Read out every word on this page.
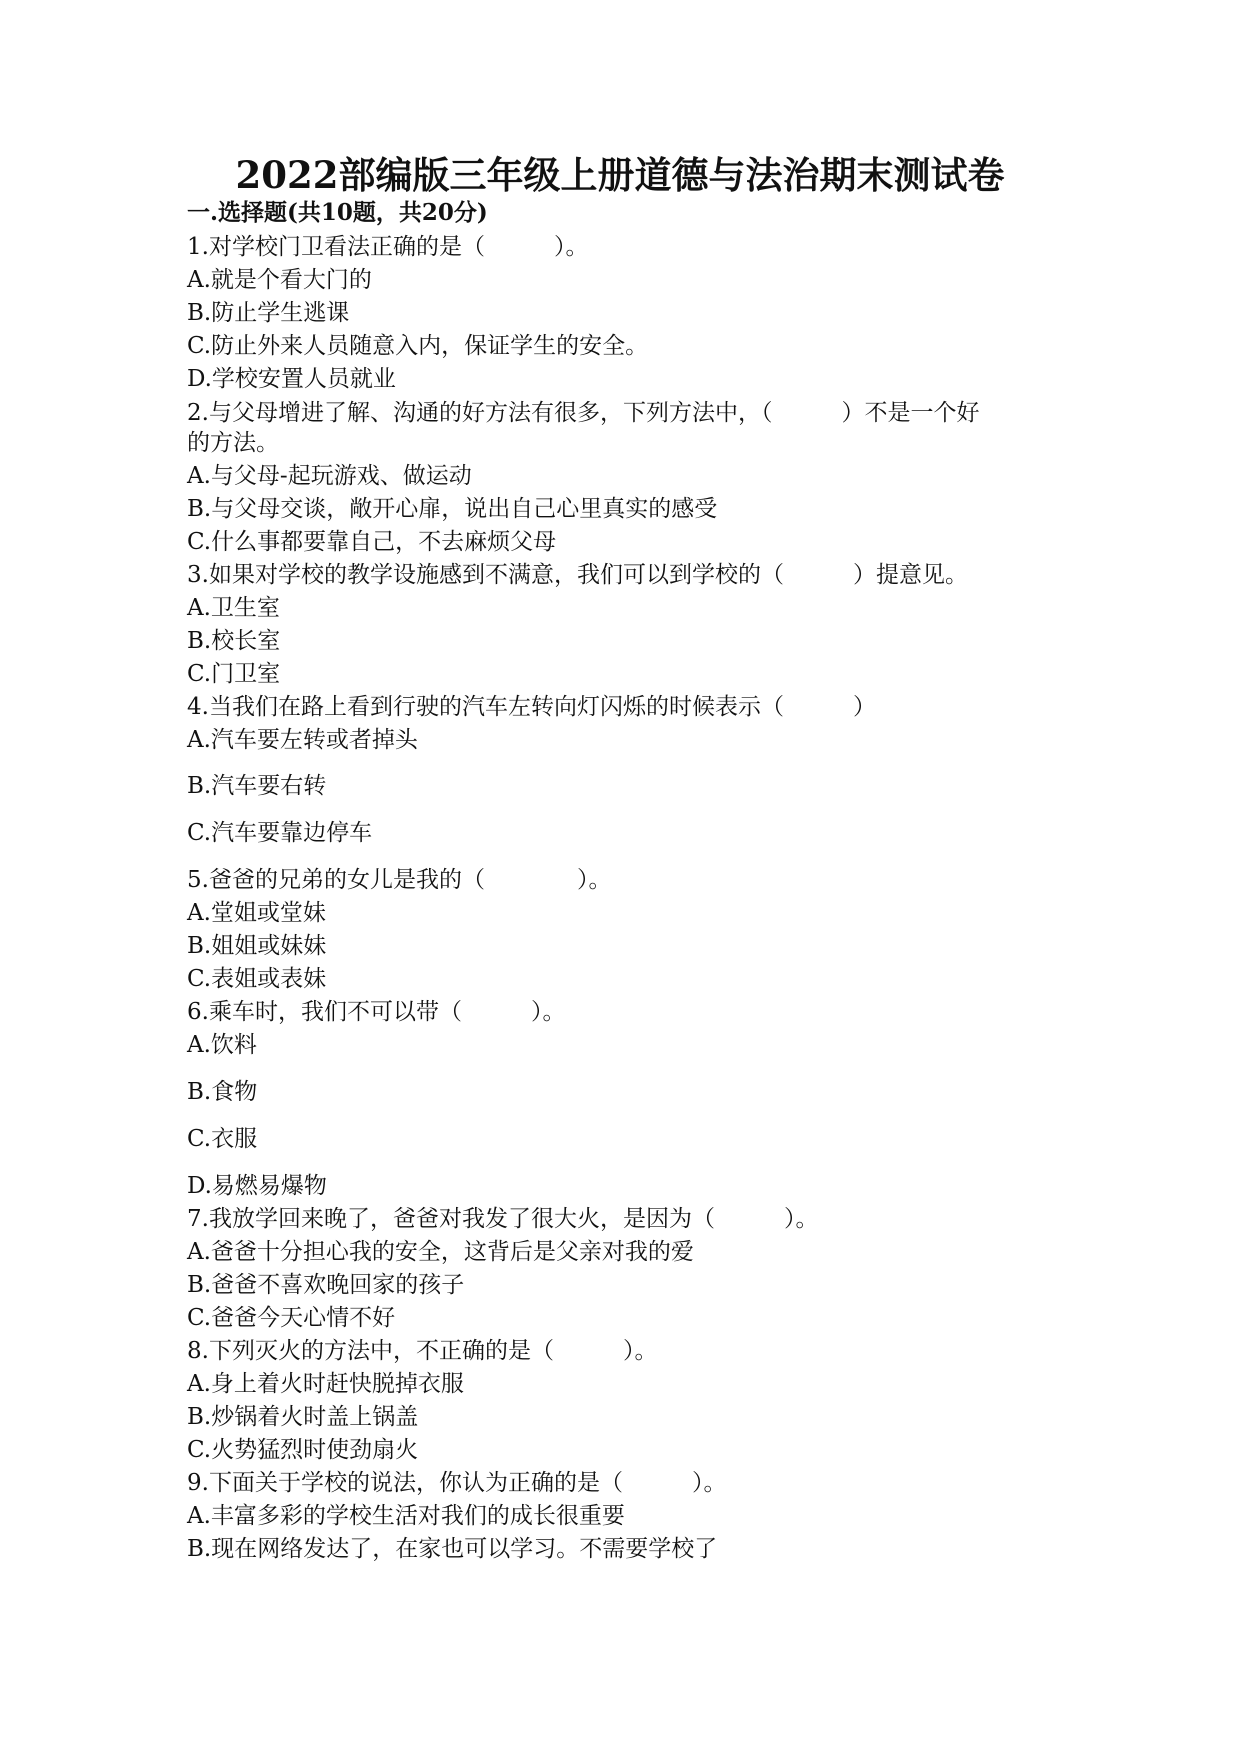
2022部编版三年级上册道德与法治期末测试卷
一.选择题(共10题，共20分)
1.对学校门卫看法正确的是（　　　）。
A.就是个看大门的
B.防止学生逃课
C.防止外来人员随意入内，保证学生的安全。
D.学校安置人员就业
2.与父母增进了解、沟通的好方法有很多，下列方法中，（　　　）不是一个好
的方法。
A.与父母-起玩游戏、做运动
B.与父母交谈，敞开心扉，说出自己心里真实的感受
C.什么事都要靠自己，不去麻烦父母
3.如果对学校的教学设施感到不满意，我们可以到学校的（　　　）提意见。
A.卫生室
B.校长室
C.门卫室
4.当我们在路上看到行驶的汽车左转向灯闪烁的时候表示（　　　）
A.汽车要左转或者掉头
B.汽车要右转
C.汽车要靠边停车
5.爸爸的兄弟的女儿是我的（　　　　）。
A.堂姐或堂妹
B.姐姐或妹妹
C.表姐或表妹
6.乘车时，我们不可以带（　　　）。
A.饮料
B.食物
C.衣服
D.易燃易爆物
7.我放学回来晚了，爸爸对我发了很大火，是因为（　　　）。
A.爸爸十分担心我的安全，这背后是父亲对我的爱
B.爸爸不喜欢晚回家的孩子
C.爸爸今天心情不好
8.下列灭火的方法中，不正确的是（　　　）。
A.身上着火时赶快脱掉衣服
B.炒锅着火时盖上锅盖
C.火势猛烈时使劲扇火
9.下面关于学校的说法，你认为正确的是（　　　）。
A.丰富多彩的学校生活对我们的成长很重要
B.现在网络发达了，在家也可以学习。不需要学校了
